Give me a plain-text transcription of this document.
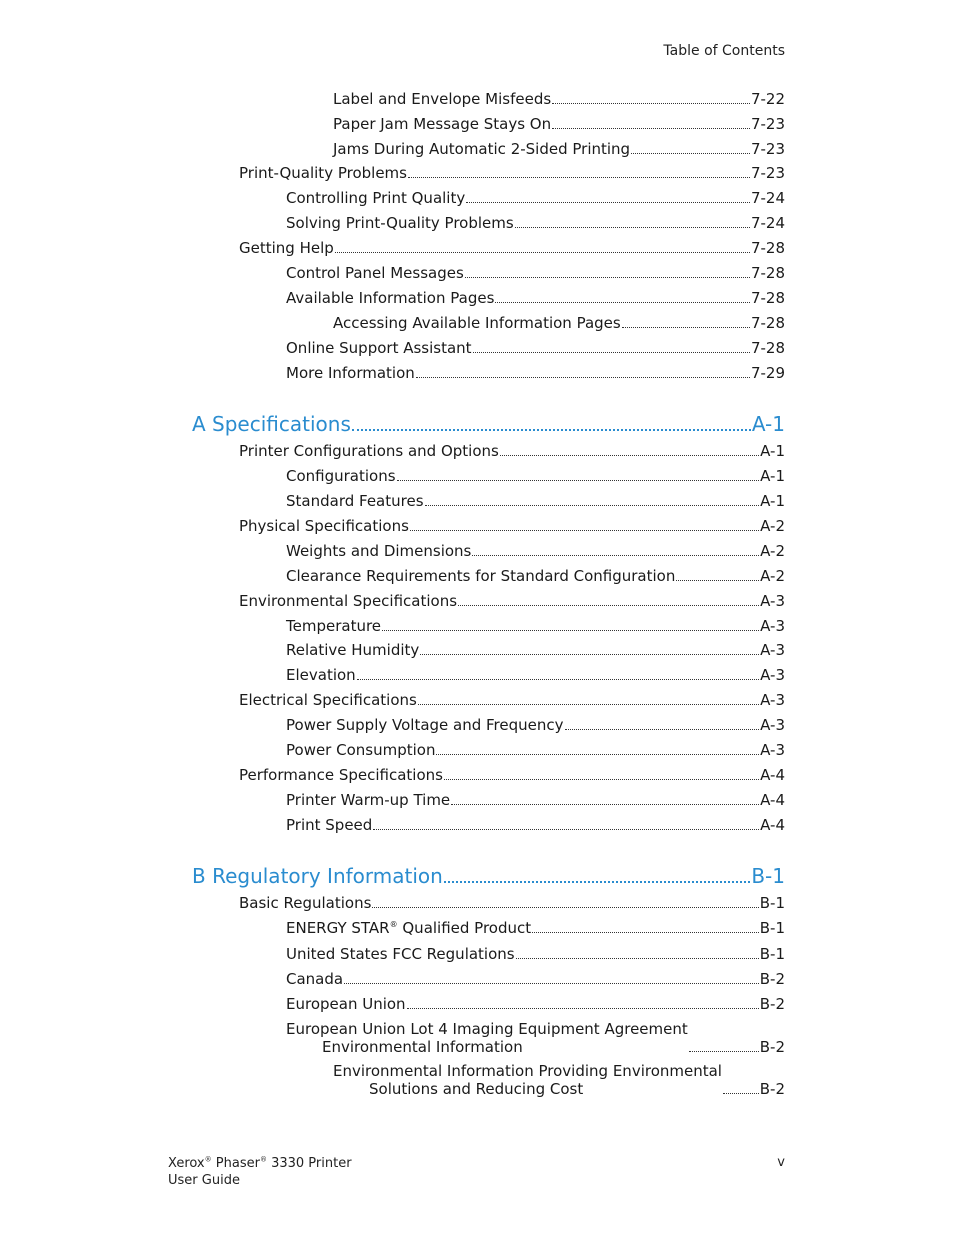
Table of Contents
Label and Envelope Misfeeds	7-22
Paper Jam Message Stays On	7-23
Jams During Automatic 2-Sided Printing	7-23
Print-Quality Problems	7-23
Controlling Print Quality	7-24
Solving Print-Quality Problems	7-24
Getting Help	7-28
Control Panel Messages	7-28
Available Information Pages	7-28
Accessing Available Information Pages	7-28
Online Support Assistant	7-28
More Information	7-29
A Specifications	A-1
Printer Configurations and Options	A-1
Configurations	A-1
Standard Features	A-1
Physical Specifications	A-2
Weights and Dimensions	A-2
Clearance Requirements for Standard Configuration	A-2
Environmental Specifications	A-3
Temperature	A-3
Relative Humidity	A-3
Elevation	A-3
Electrical Specifications	A-3
Power Supply Voltage and Frequency	A-3
Power Consumption	A-3
Performance Specifications	A-4
Printer Warm-up Time	A-4
Print Speed	A-4
B Regulatory Information	B-1
Basic Regulations	B-1
ENERGY STAR® Qualified Product	B-1
United States FCC Regulations	B-1
Canada	B-2
European Union	B-2
European Union Lot 4 Imaging Equipment Agreement
Environmental Information	B-2
Environmental Information Providing Environmental
Solutions and Reducing Cost	B-2
Xerox® Phaser® 3330 Printer
User Guide
v
